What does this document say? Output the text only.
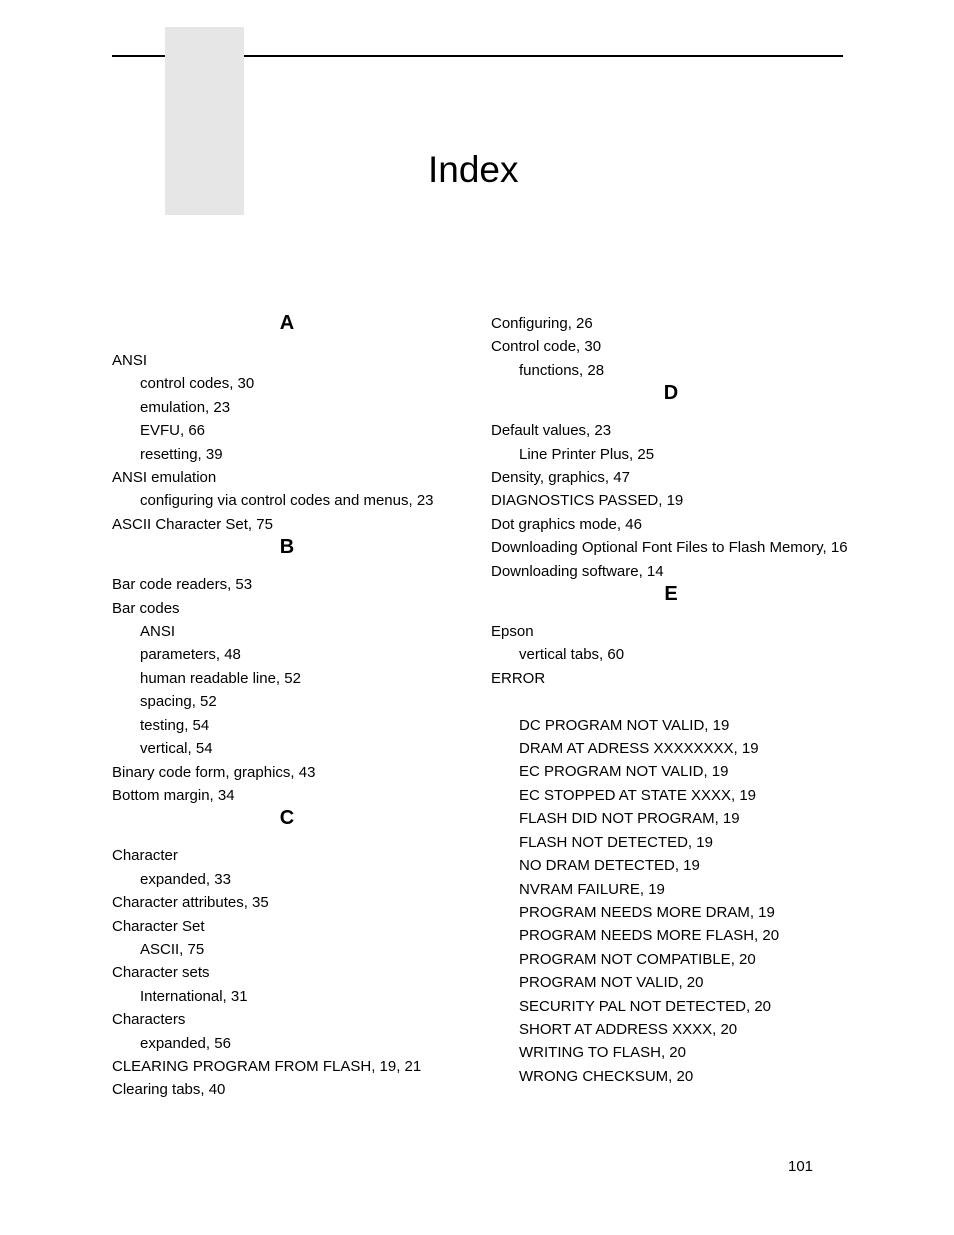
Index
A
ANSI
control codes, 30
emulation, 23
EVFU, 66
resetting, 39
ANSI emulation
configuring via control codes and menus, 23
ASCII Character Set, 75
B
Bar code readers, 53
Bar codes
ANSI
parameters, 48
human readable line, 52
spacing, 52
testing, 54
vertical, 54
Binary code form, graphics, 43
Bottom margin, 34
C
Character
expanded, 33
Character attributes, 35
Character Set
ASCII, 75
Character sets
International, 31
Characters
expanded, 56
CLEARING PROGRAM FROM FLASH, 19, 21
Clearing tabs, 40
Configuring, 26
Control code, 30
functions, 28
D
Default values, 23
Line Printer Plus, 25
Density, graphics, 47
DIAGNOSTICS PASSED, 19
Dot graphics mode, 46
Downloading Optional Font Files to Flash Memory, 16
Downloading software, 14
E
Epson
vertical tabs, 60
ERROR
DC PROGRAM NOT VALID, 19
DRAM AT ADRESS XXXXXXXX, 19
EC PROGRAM NOT VALID, 19
EC STOPPED AT STATE XXXX, 19
FLASH DID NOT PROGRAM, 19
FLASH NOT DETECTED, 19
NO DRAM DETECTED, 19
NVRAM FAILURE, 19
PROGRAM NEEDS MORE DRAM, 19
PROGRAM NEEDS MORE FLASH, 20
PROGRAM NOT COMPATIBLE, 20
PROGRAM NOT VALID, 20
SECURITY PAL NOT DETECTED, 20
SHORT AT ADDRESS XXXX, 20
WRITING TO FLASH, 20
WRONG CHECKSUM, 20
101
